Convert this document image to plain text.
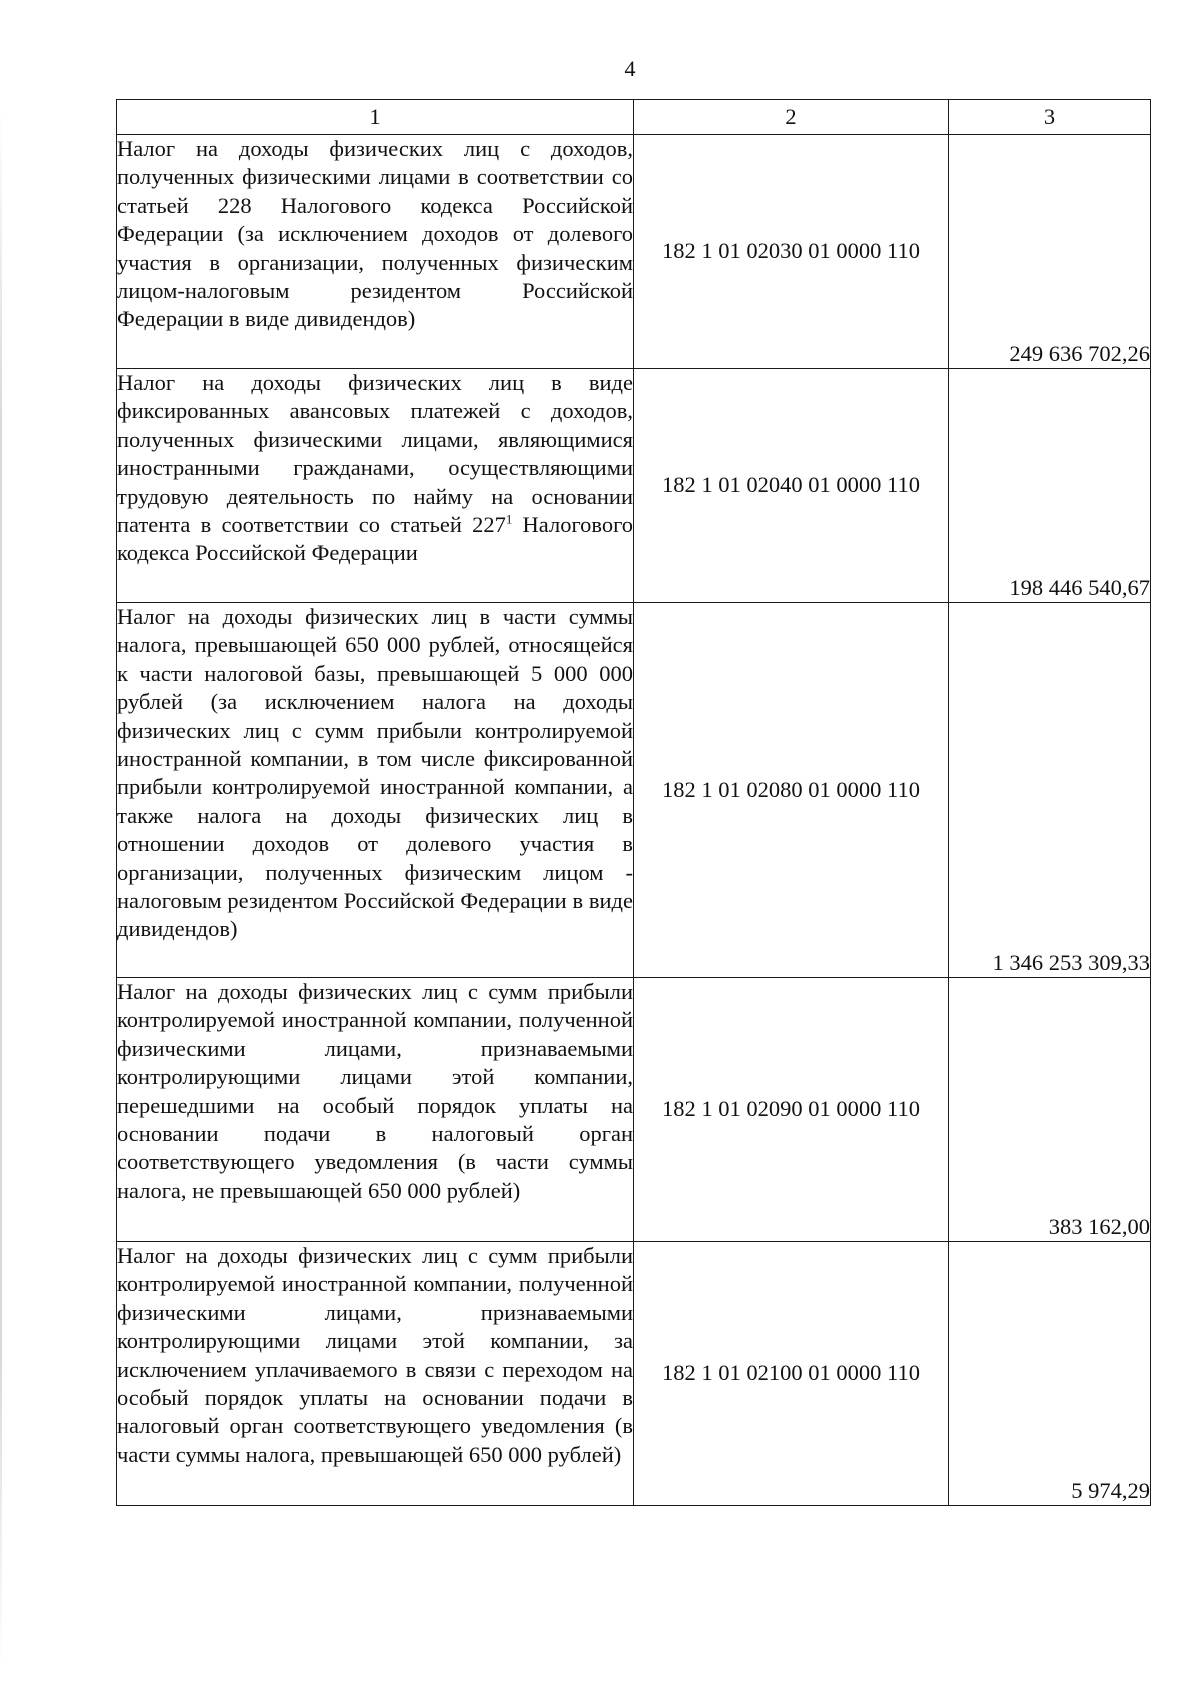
4
1	2	3
Налог на доходы физических лиц с доходов, полученных физическими лицами в соответствии со статьей 228 Налогового кодекса Российской Федерации (за исключением доходов от долевого участия в организации, полученных физическим лицом-налоговым резидентом Российской Федерации в виде дивидендов)	182 1 01 02030 01 0000 110	249 636 702,26
Налог на доходы физических лиц в виде фиксированных авансовых платежей с доходов, полученных физическими лицами, являющимися иностранными гражданами, осуществляющими трудовую деятельность по найму на основании патента в соответствии со статьей $227^1$ Налогового кодекса Российской Федерации	182 1 01 02040 01 0000 110	198 446 540,67
Налог на доходы физических лиц в части суммы налога, превышающей 650 000 рублей, относящейся к части налоговой базы, превышающей 5 000 000 рублей (за исключением налога на доходы физических лиц с сумм прибыли контролируемой иностранной компании, в том числе фиксированной прибыли контролируемой иностранной компании, а также налога на доходы физических лиц в отношении доходов от долевого участия в организации, полученных физическим лицом - налоговым резидентом Российской Федерации в виде дивидендов)	182 1 01 02080 01 0000 110	1 346 253 309,33
Налог на доходы физических лиц с сумм прибыли контролируемой иностранной компании, полученной физическими лицами, признаваемыми контролирующими лицами этой компании, перешедшими на особый порядок уплаты на основании подачи в налоговый орган соответствующего уведомления (в части суммы налога, не превышающей 650 000 рублей)	182 1 01 02090 01 0000 110	383 162,00
Налог на доходы физических лиц с сумм прибыли контролируемой иностранной компании, полученной физическими лицами, признаваемыми контролирующими лицами этой компании, за исключением уплачиваемого в связи с переходом на особый порядок уплаты на основании подачи в налоговый орган соответствующего уведомления (в части суммы налога, превышающей 650 000 рублей)	182 1 01 02100 01 0000 110	5 974,29
